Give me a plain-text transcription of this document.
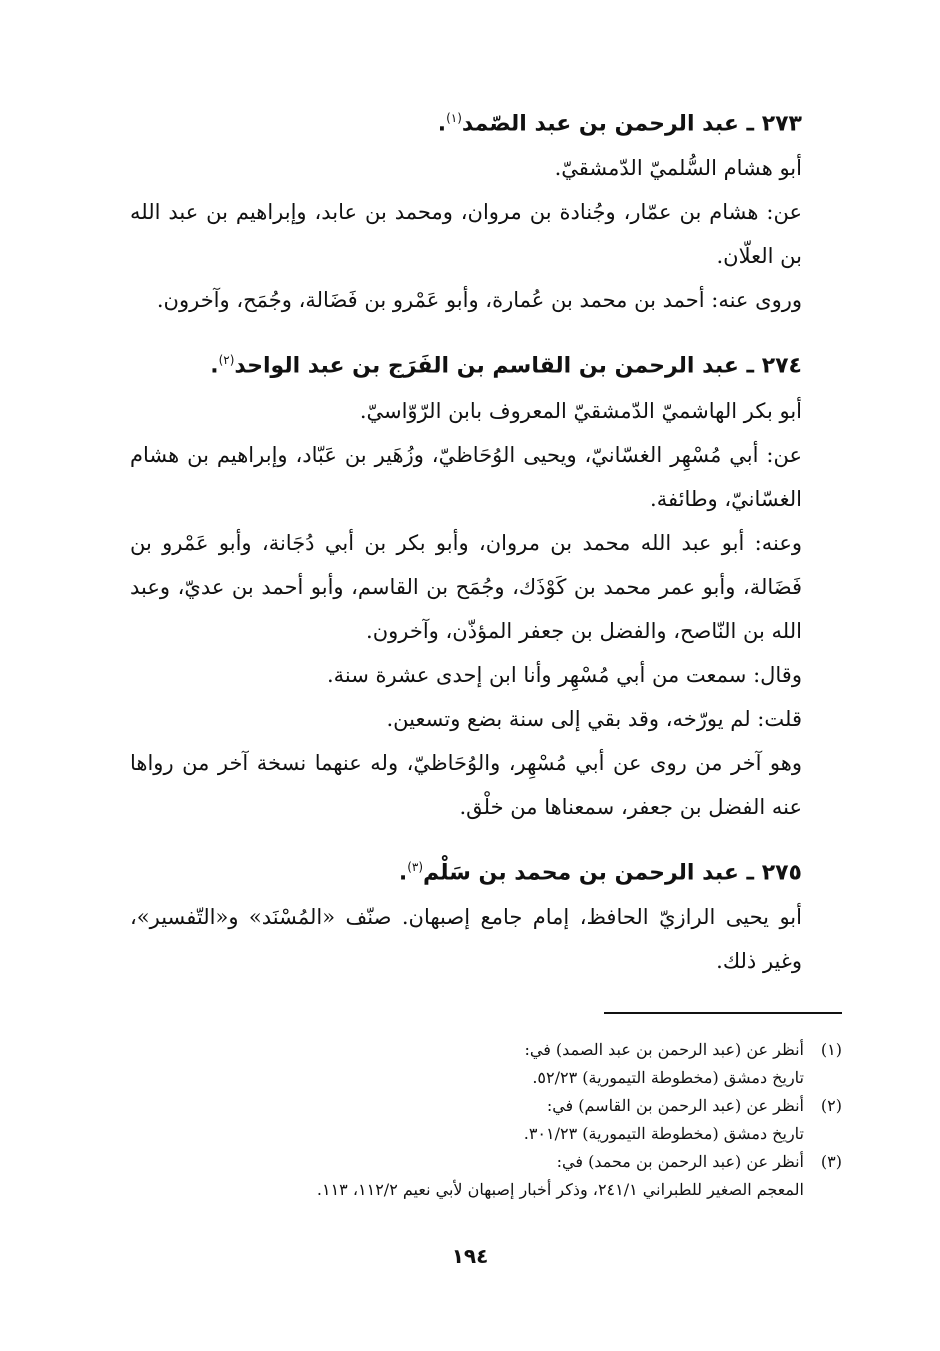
٢٧٣ ـ عبد الرحمن بن عبد الصّمد$^{(١)}$.

أبو هشام السُّلميّ الدّمشقيّ.

عن: هشام بن عمّار، وجُنادة بن مروان، ومحمد بن عابد، وإبراهيم بن عبد الله بن العلّان.

وروى عنه: أحمد بن محمد بن عُمارة، وأبو عَمْرو بن فَضَالة، وجُمَح، وآخرون.

٢٧٤ ـ عبد الرحمن بن القاسم بن الفَرَج بن عبد الواحد$^{(٢)}$.

أبو بكر الهاشميّ الدّمشقيّ المعروف بابن الرّوّاسيّ.

عن: أبي مُسْهِر الغسّانيّ، ويحيى الوُحَاظيّ، وزُهَير بن عَبّاد، وإبراهيم بن هشام الغسّانيّ، وطائفة.

وعنه: أبو عبد الله محمد بن مروان، وأبو بكر بن أبي دُجَانة، وأبو عَمْرو بن فَضَالة، وأبو عمر محمد بن كَوْذَك، وجُمَح بن القاسم، وأبو أحمد بن عديّ، وعبد الله بن النّاصح، والفضل بن جعفر المؤذّن، وآخرون.

وقال: سمعت من أبي مُسْهِر وأنا ابن إحدى عشرة سنة.

قلت: لم يورّخه، وقد بقي إلى سنة بضع وتسعين.

وهو آخر من روى عن أبي مُسْهِر، والوُحَاظيّ، وله عنهما نسخة آخر من رواها عنه الفضل بن جعفر، سمعناها من خلْق.

٢٧٥ ـ عبد الرحمن بن محمد بن سَلْم$^{(٣)}$.

أبو يحيى الرازيّ الحافظ، إمام جامع إصبهان. صنّف «المُسْنَد» و«التّفسير»، وغير ذلك.

(١)
أنظر عن (عبد الرحمن بن عبد الصمد) في:
تاريخ دمشق (مخطوطة التيمورية) ٥٢/٢٣.
(٢)
أنظر عن (عبد الرحمن بن القاسم) في:
تاريخ دمشق (مخطوطة التيمورية) ٣٠١/٢٣.
(٣)
أنظر عن (عبد الرحمن بن محمد) في:
المعجم الصغير للطبراني ٢٤١/١، وذكر أخبار إصبهان لأبي نعيم ١١٢/٢، ١١٣.
١٩٤
